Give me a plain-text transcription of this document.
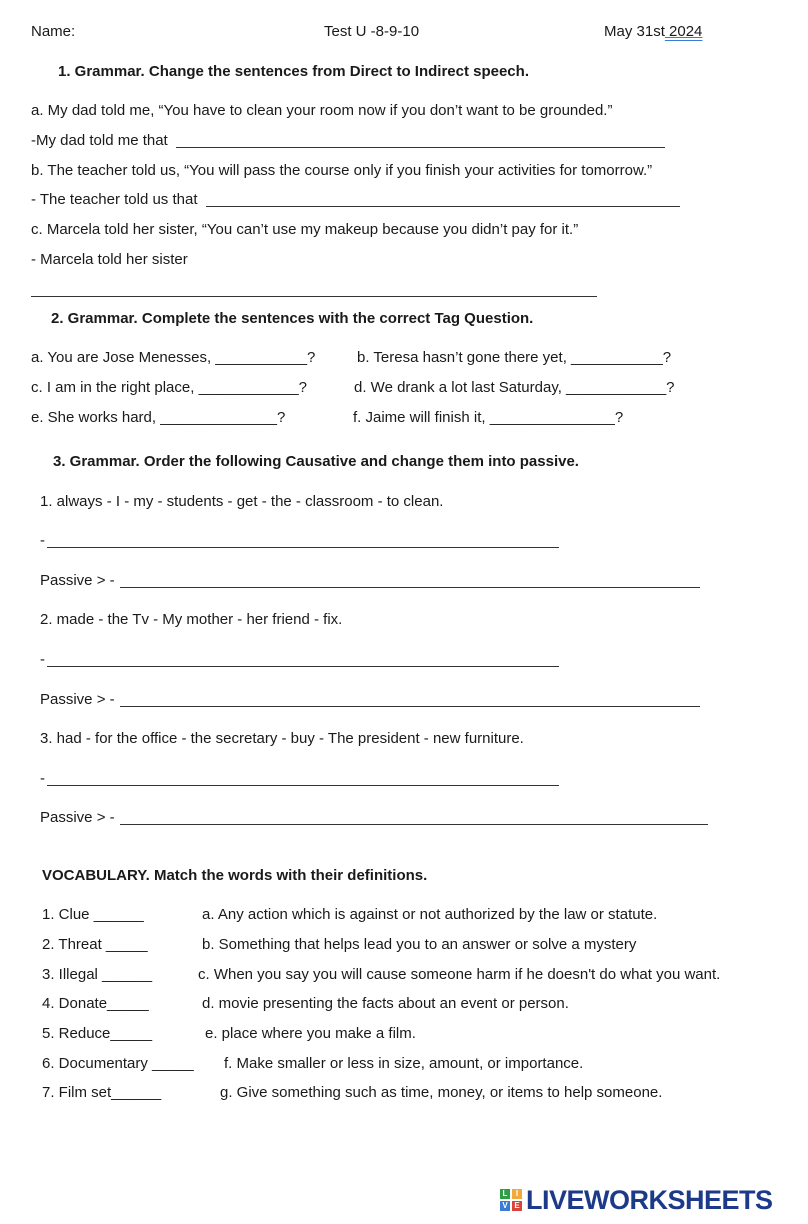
Name:	Test U -8-9-10	May 31st 2024
1. Grammar. Change the sentences from Direct to Indirect speech.
a. My dad told me, “You have to clean your room now if you don’t want to be grounded.”
-My dad told me that
b. The teacher told us, “You will pass the course only if you finish your activities for tomorrow.”
- The teacher told us that
c. Marcela told her sister, “You can’t use my makeup because you didn’t pay for it.”
- Marcela told her sister
2. Grammar. Complete the sentences with the correct Tag Question.
a. You are Jose Menesses, ___________?	b. Teresa hasn’t gone there yet, ___________?
c. I am in the right place, ____________?	d. We drank a lot last Saturday, ____________?
e. She works hard, ______________?	f. Jaime will finish it, _______________?
3. Grammar. Order the following Causative and change them into passive.
1. always - I - my - students - get - the - classroom - to clean.
-
Passive > -
2. made - the Tv - My mother - her friend - fix.
-
Passive > -
3. had - for the office - the secretary - buy - The president - new furniture.
-
Passive > -
VOCABULARY. Match the words with their definitions.
1. Clue ______	a. Any action which is against or not authorized by the law or statute.
2. Threat _____	b. Something that helps lead you to an answer or solve a mystery
3. Illegal ______	c. When you say you will cause someone harm if he doesn't do what you want.
4. Donate_____	d. movie presenting the facts about an event or person.
5. Reduce_____	e. place where you make a film.
6. Documentary _____ f. Make smaller or less in size, amount, or importance.
7. Film set______	g. Give something such as time, money, or items to help someone.
L	I
V E LIVEWORKSHEETS
